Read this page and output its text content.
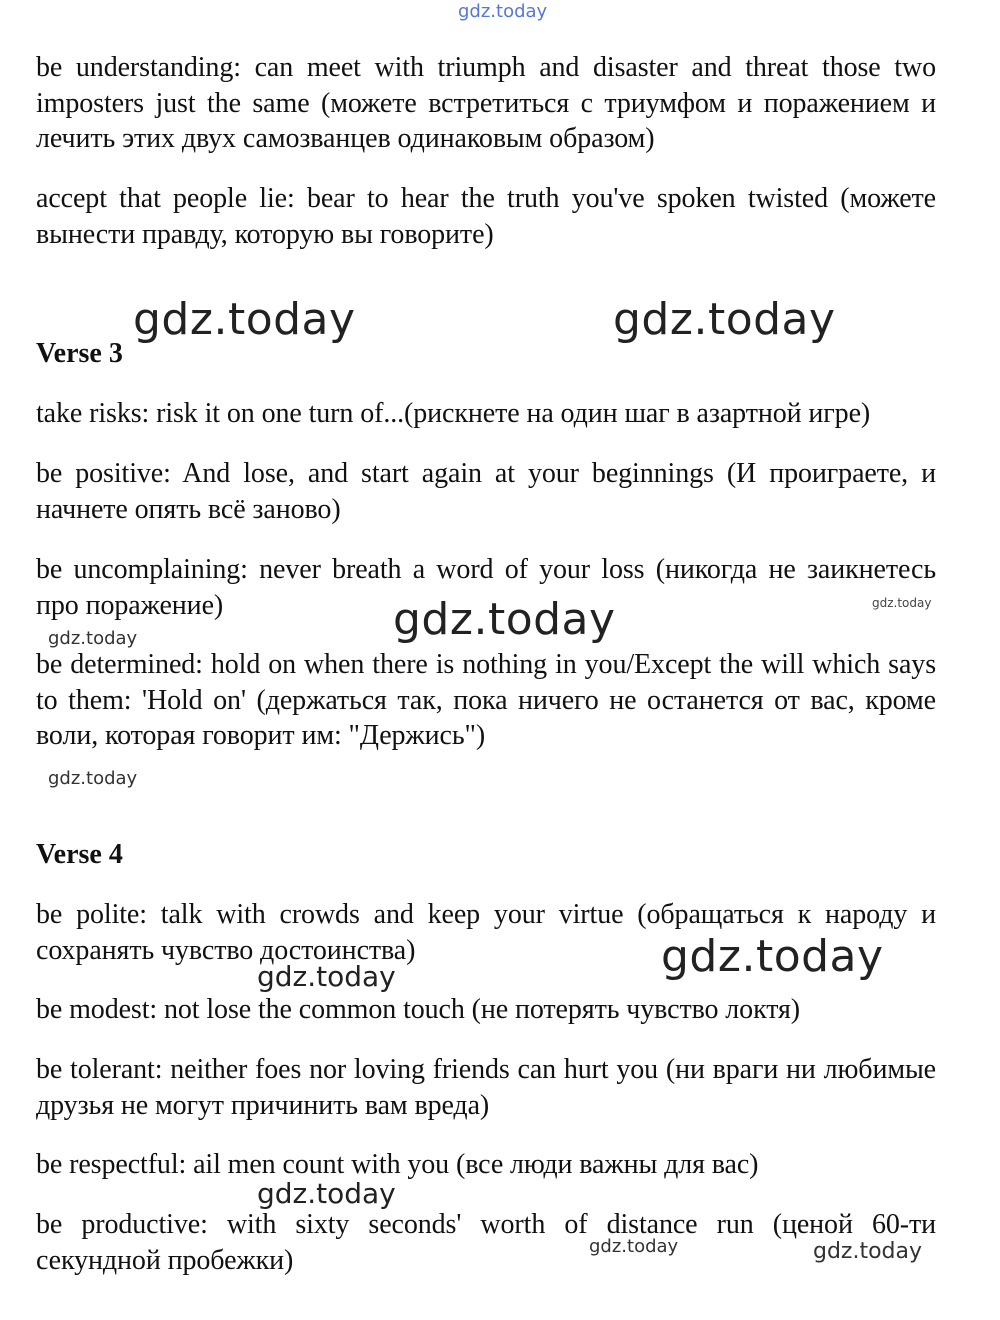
gdz.today

be understanding: can meet with triumph and disaster and threat those two imposters just the same (можете встретиться с триумфом и поражением и лечить этих двух самозванцев одинаковым образом)

accept that people lie: bear to hear the truth you've spoken twisted (можете вынести правду, которую вы говорите)

gdz.today	gdz.today
Verse 3

take risks: risk it on one turn of...(рискнете на один шаг в азартной игре)

be positive: And lose, and start again at your beginnings (И проиграете, и начнете опять всё заново)

be uncomplaining: never breath a word of your loss (никогда не заикнетесь про поражение)	gdz.today	gdz.today
gdz.today

be determined: hold on when there is nothing in you/Except the will which says to them: 'Hold on' (держаться так, пока ничего не останется от вас, кроме воли, которая говорит им: "Держись")

gdz.today
Verse 4

be polite: talk with crowds and keep your virtue (обращаться к народу и сохранять чувство достоинства)	gdz.today
gdz.today

be modest: not lose the common touch (не потерять чувство локтя)

be tolerant: neither foes nor loving friends can hurt you (ни враги ни любимые друзья не могут причинить вам вреда)

be respectful: ail men count with you (все люди важны для вас)

gdz.today

be productive: with sixty seconds' worth of distance run (ценой 60-ти секундной пробежки)	gdz.today	gdz.today
